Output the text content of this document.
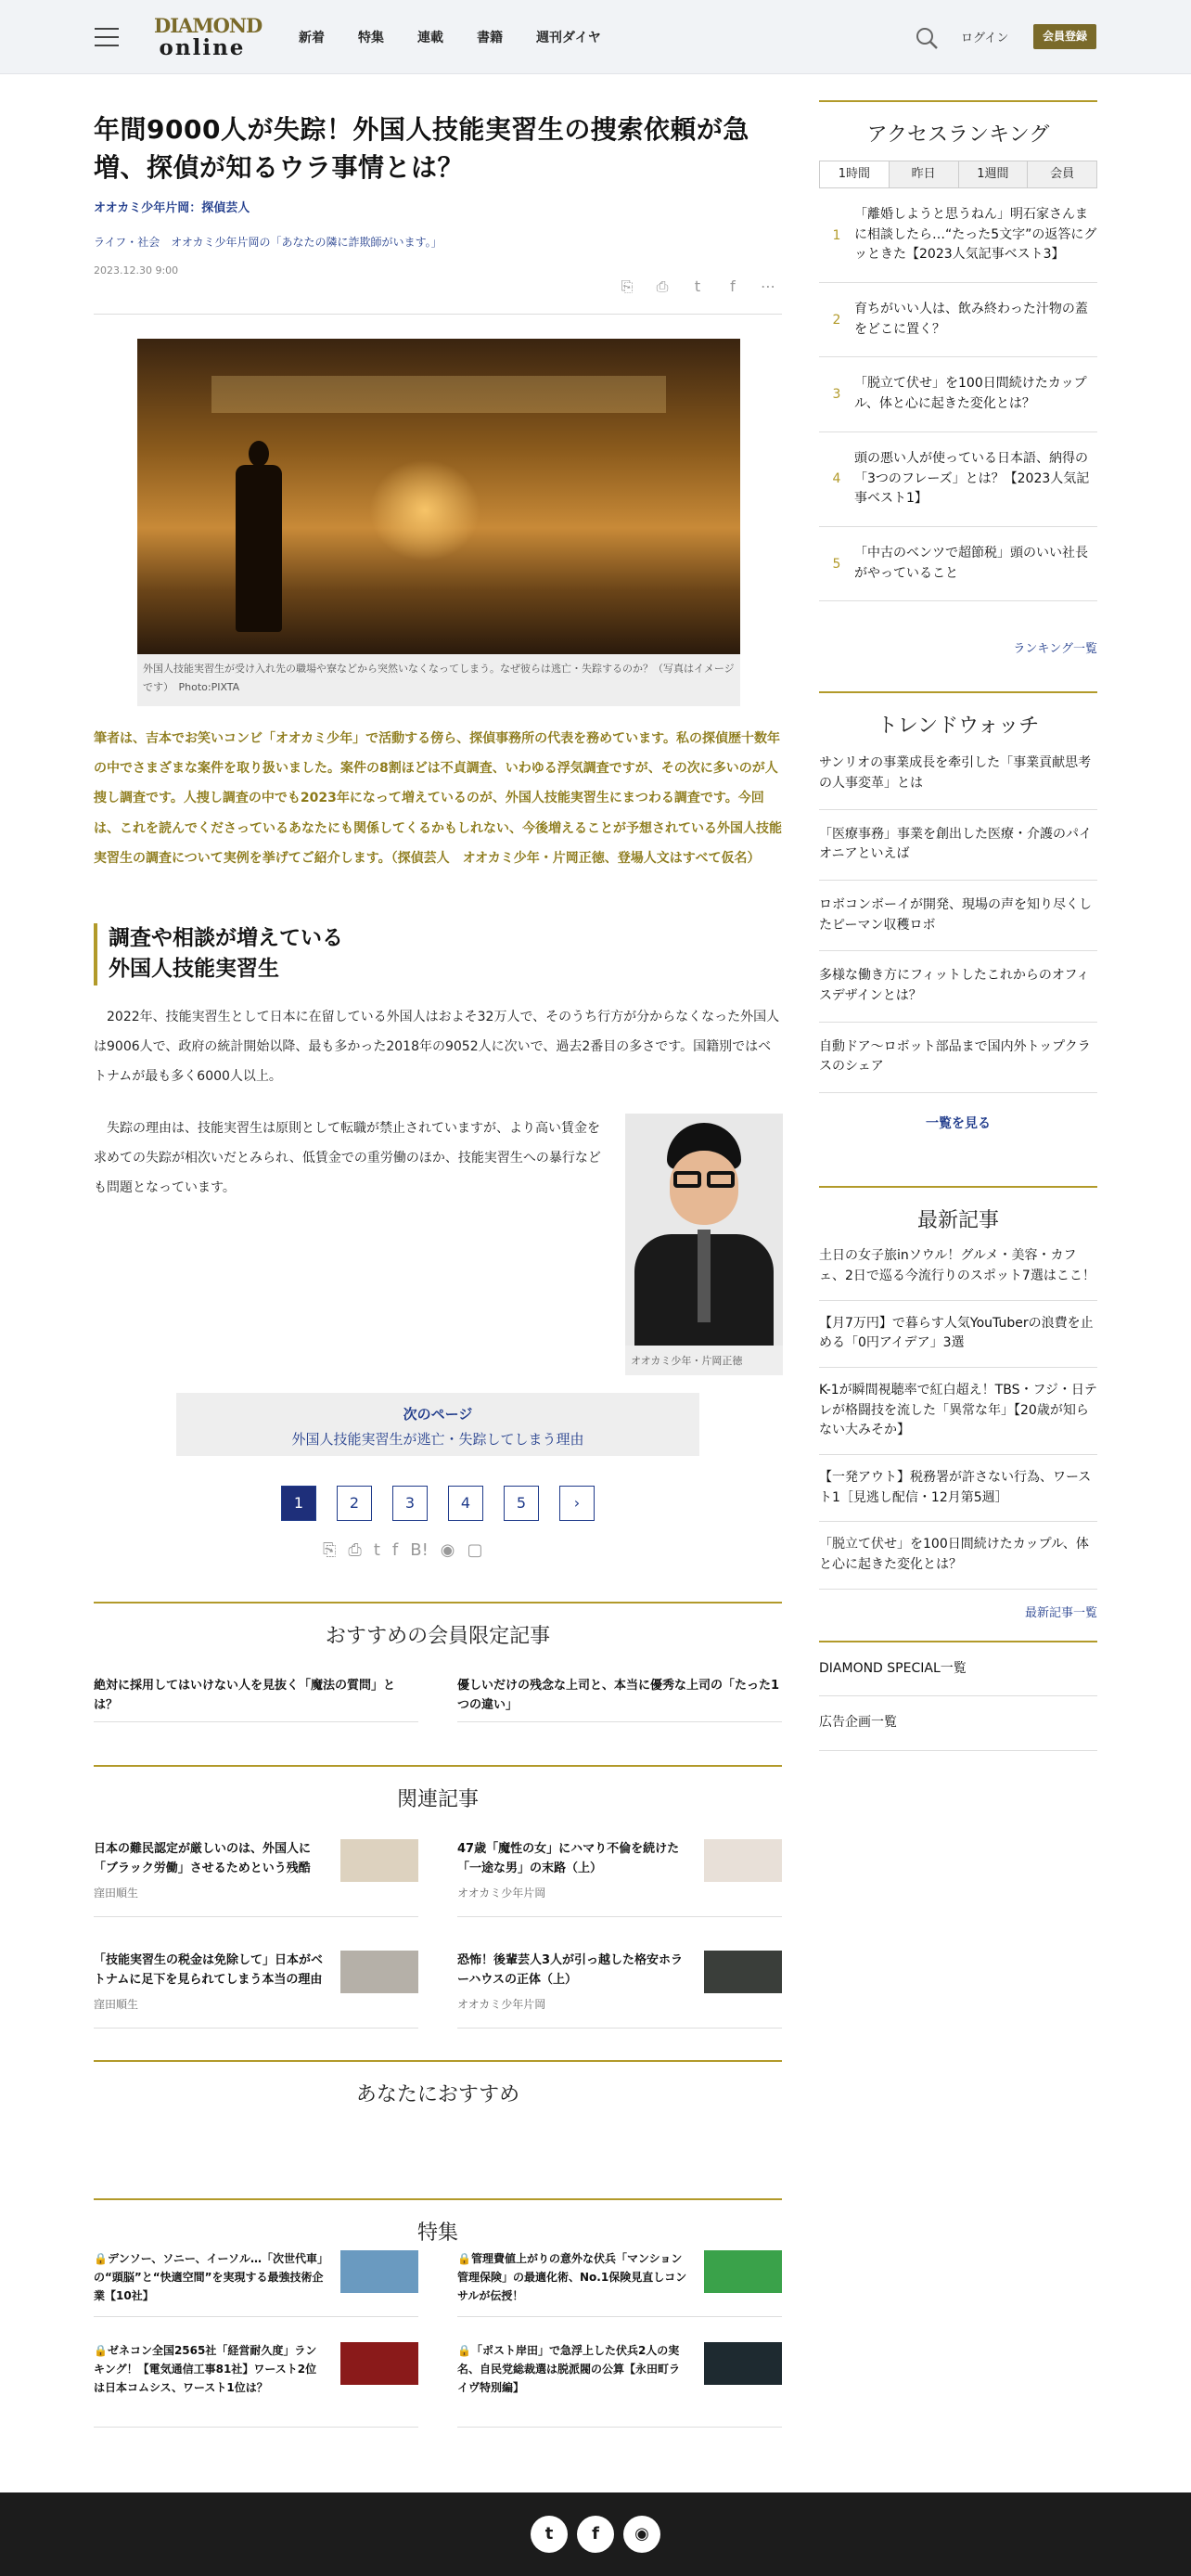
DIAMOND
online	新着	特集	連載	書籍	週刊ダイヤ	ログイン	会員登録
年間9000人が失踪！外国人技能実習生の捜索依頼が急増、探偵が知るウラ事情とは？
オオカミ少年片岡：探偵芸人
ライフ・社会　オオカミ少年片岡の「あなたの隣に詐欺師がいます。」
2023.12.30 9:00
⎘	⎙	t	f	⋯
外国人技能実習生が受け入れ先の職場や寮などから突然いなくなってしまう。なぜ彼らは逃亡・失踪するのか？（写真はイメージです）　Photo:PIXTA

筆者は、吉本でお笑いコンビ「オオカミ少年」で活動する傍ら、探偵事務所の代表を務めています。私の探偵歴十数年の中でさまざまな案件を取り扱いました。案件の8割ほどは不貞調査、いわゆる浮気調査ですが、その次に多いのが人捜し調査です。人捜し調査の中でも2023年になって増えているのが、外国人技能実習生にまつわる調査です。今回は、これを読んでくださっているあなたにも関係してくるかもしれない、今後増えることが予想されている外国人技能実習生の調査について実例を挙げてご紹介します。（探偵芸人　オオカミ少年・片岡正徳、登場人文はすべて仮名）

調査や相談が増えている
外国人技能実習生

2022年、技能実習生として日本に在留している外国人はおよそ32万人で、そのうち行方が分からなくなった外国人は9006人で、政府の統計開始以降、最も多かった2018年の9052人に次いで、過去2番目の多さです。国籍別ではベトナムが最も多く6000人以上。

失踪の理由は、技能実習生は原則として転職が禁止されていますが、より高い賃金を求めての失踪が相次いだとみられ、低賃金での重労働のほか、技能実習生への暴行なども問題となっています。

オオカミ少年・片岡正徳
次のページ
外国人技能実習生が逃亡・失踪してしまう理由
1	2	3	4	5	›
⎘ ⎙ t f B! ◉ ▢
おすすめの会員限定記事
絶対に採用してはいけない人を見抜く「魔法の質問」とは？
優しいだけの残念な上司と、本当に優秀な上司の「たった1つの違い」
関連記事
日本の難民認定が厳しいのは、外国人に「ブラック労働」させるためという残酷
窪田順生
47歳「魔性の女」にハマり不倫を続けた「一途な男」の末路（上）
オオカミ少年片岡
「技能実習生の税金は免除して」日本がベトナムに足下を見られてしまう本当の理由
窪田順生
恐怖！後輩芸人3人が引っ越した格安ホラーハウスの正体（上）
オオカミ少年片岡
あなたにおすすめ
特集
🔒デンソー、ソニー、イーソル…「次世代車」の“頭脳”と“快適空間”を実現する最強技術企業【10社】
🔒管理費値上がりの意外な伏兵「マンション管理保険」の最適化術、No.1保険見直しコンサルが伝授！
🔒ゼネコン全国2565社「経営耐久度」ランキング！【電気通信工事81社】ワースト2位は日本コムシス、ワースト1位は？
🔒「ポスト岸田」で急浮上した伏兵2人の実名、自民党総裁選は脱派閥の公算【永田町ライヴ特別編】
アクセスランキング
1時間	昨日	1週間	会員
1
「離婚しようと思うねん」明石家さんまに相談したら…“たった5文字”の返答にグッときた【2023人気記事ベスト3】
2
育ちがいい人は、飲み終わった汁物の蓋をどこに置く？
3
「脱立て伏せ」を100日間続けたカップル、体と心に起きた変化とは？
4
頭の悪い人が使っている日本語、納得の「3つのフレーズ」とは？【2023人気記事ベスト1】
5
「中古のベンツで超節税」頭のいい社長がやっていること
ランキング一覧
トレンドウォッチ
サンリオの事業成長を牽引した「事業貢献思考の人事変革」とは
「医療事務」事業を創出した医療・介護のパイオニアといえば
ロボコンボーイが開発、現場の声を知り尽くしたピーマン収穫ロボ
多様な働き方にフィットしたこれからのオフィスデザインとは？
自動ドア〜ロボット部品まで国内外トップクラスのシェア
一覧を見る
最新記事
土日の女子旅inソウル！グルメ・美容・カフェ、2日で巡る今流行りのスポット7選はここ！
【月7万円】で暮らす人気YouTuberの浪費を止める「0円アイデア」3選
K-1が瞬間視聴率で紅白超え！TBS・フジ・日テレが格闘技を流した「異常な年」【20歳が知らない大みそか】
【一発アウト】税務署が許さない行為、ワースト1［見逃し配信・12月第5週］
「脱立て伏せ」を100日間続けたカップル、体と心に起きた変化とは？
最新記事一覧
DIAMOND SPECIAL一覧
広告企画一覧
t	f	◉
